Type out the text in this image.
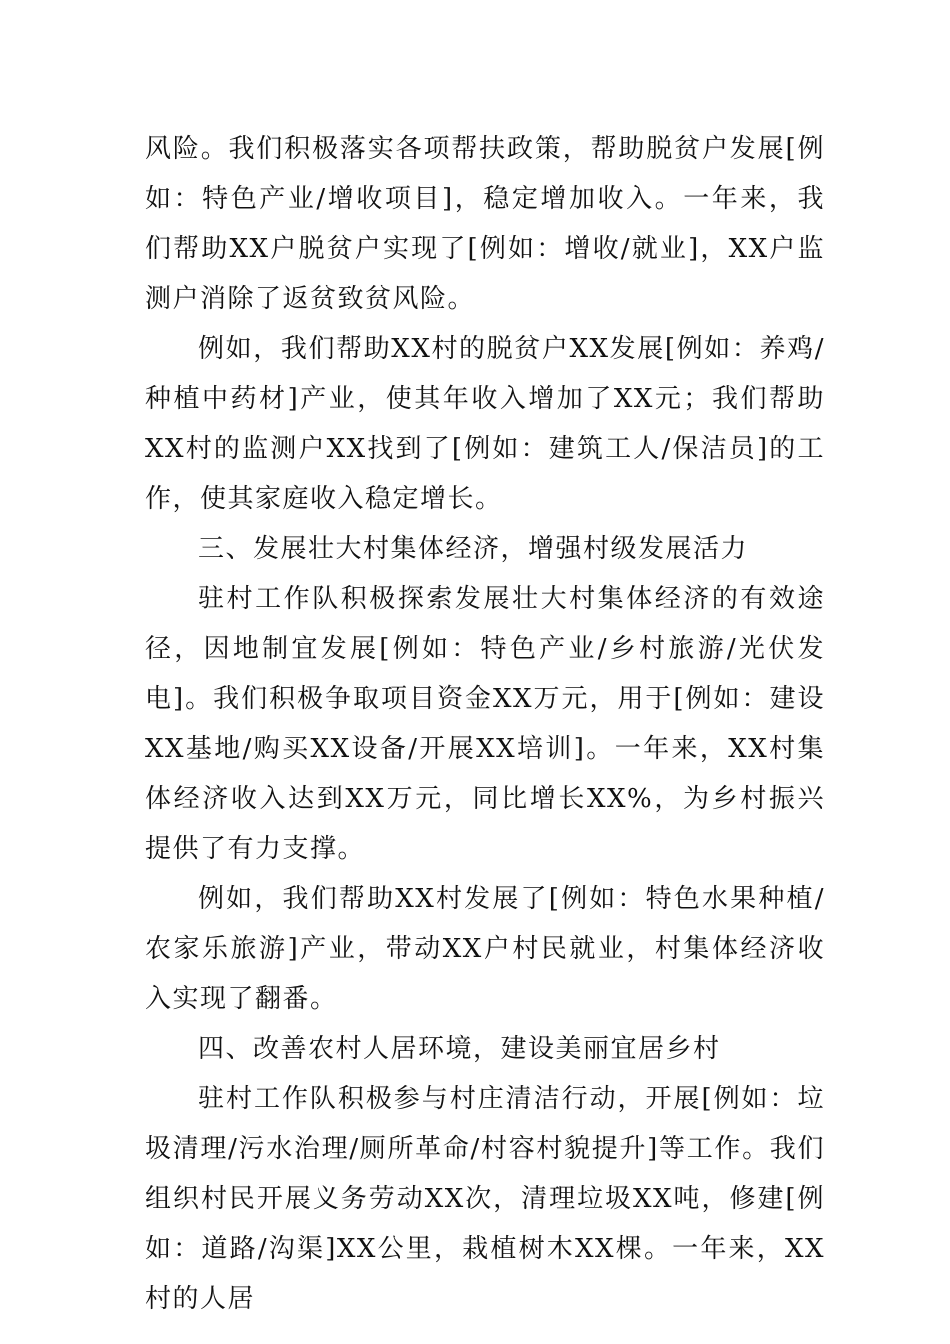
风险。我们积极落实各项帮扶政策，帮助脱贫户发展[例如：特色产业/增收项目]，稳定增加收入。一年来，我们帮助XX户脱贫户实现了[例如：增收/就业]，XX户监测户消除了返贫致贫风险。

例如，我们帮助XX村的脱贫户XX发展[例如：养鸡/种植中药材]产业，使其年收入增加了XX元；我们帮助XX村的监测户XX找到了[例如：建筑工人/保洁员]的工作，使其家庭收入稳定增长。

三、发展壮大村集体经济，增强村级发展活力

驻村工作队积极探索发展壮大村集体经济的有效途径，因地制宜发展[例如：特色产业/乡村旅游/光伏发电]。我们积极争取项目资金XX万元，用于[例如：建设XX基地/购买XX设备/开展XX培训]。一年来，XX村集体经济收入达到XX万元，同比增长XX%，为乡村振兴提供了有力支撑。

例如，我们帮助XX村发展了[例如：特色水果种植/农家乐旅游]产业，带动XX户村民就业，村集体经济收入实现了翻番。

四、改善农村人居环境，建设美丽宜居乡村

驻村工作队积极参与村庄清洁行动，开展[例如：垃圾清理/污水治理/厕所革命/村容村貌提升]等工作。我们组织村民开展义务劳动XX次，清理垃圾XX吨，修建[例如：道路/沟渠]XX公里，栽植树木XX棵。一年来，XX村的人居
